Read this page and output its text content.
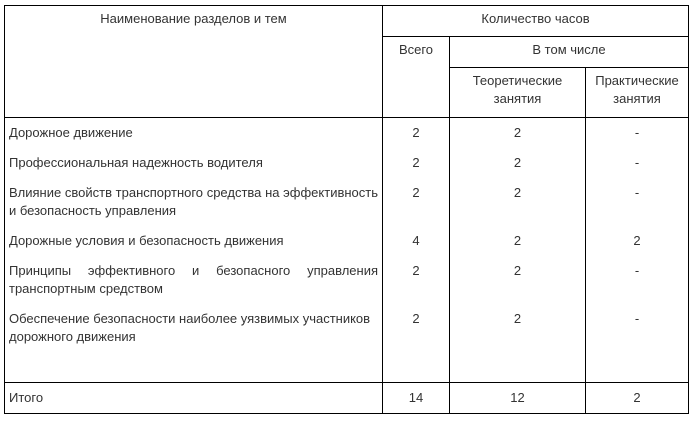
Наименование разделов и тем	Количество часов		
	Всего	В том числе	
		Теоретические занятия	Практические занятия
Дорожное движение	2	2	-
Профессиональная надежность водителя	2	2	-
Влияние свойств транспортного средства на эффективность и безопасность управления	2	2	-
Дорожные условия и безопасность движения	4	2	2
Принципы эффективного и безопасного управления транспортным средством	2	2	-
Обеспечение безопасности наиболее уязвимых участников дорожного движения	2	2	-
Итого	14	12	2
